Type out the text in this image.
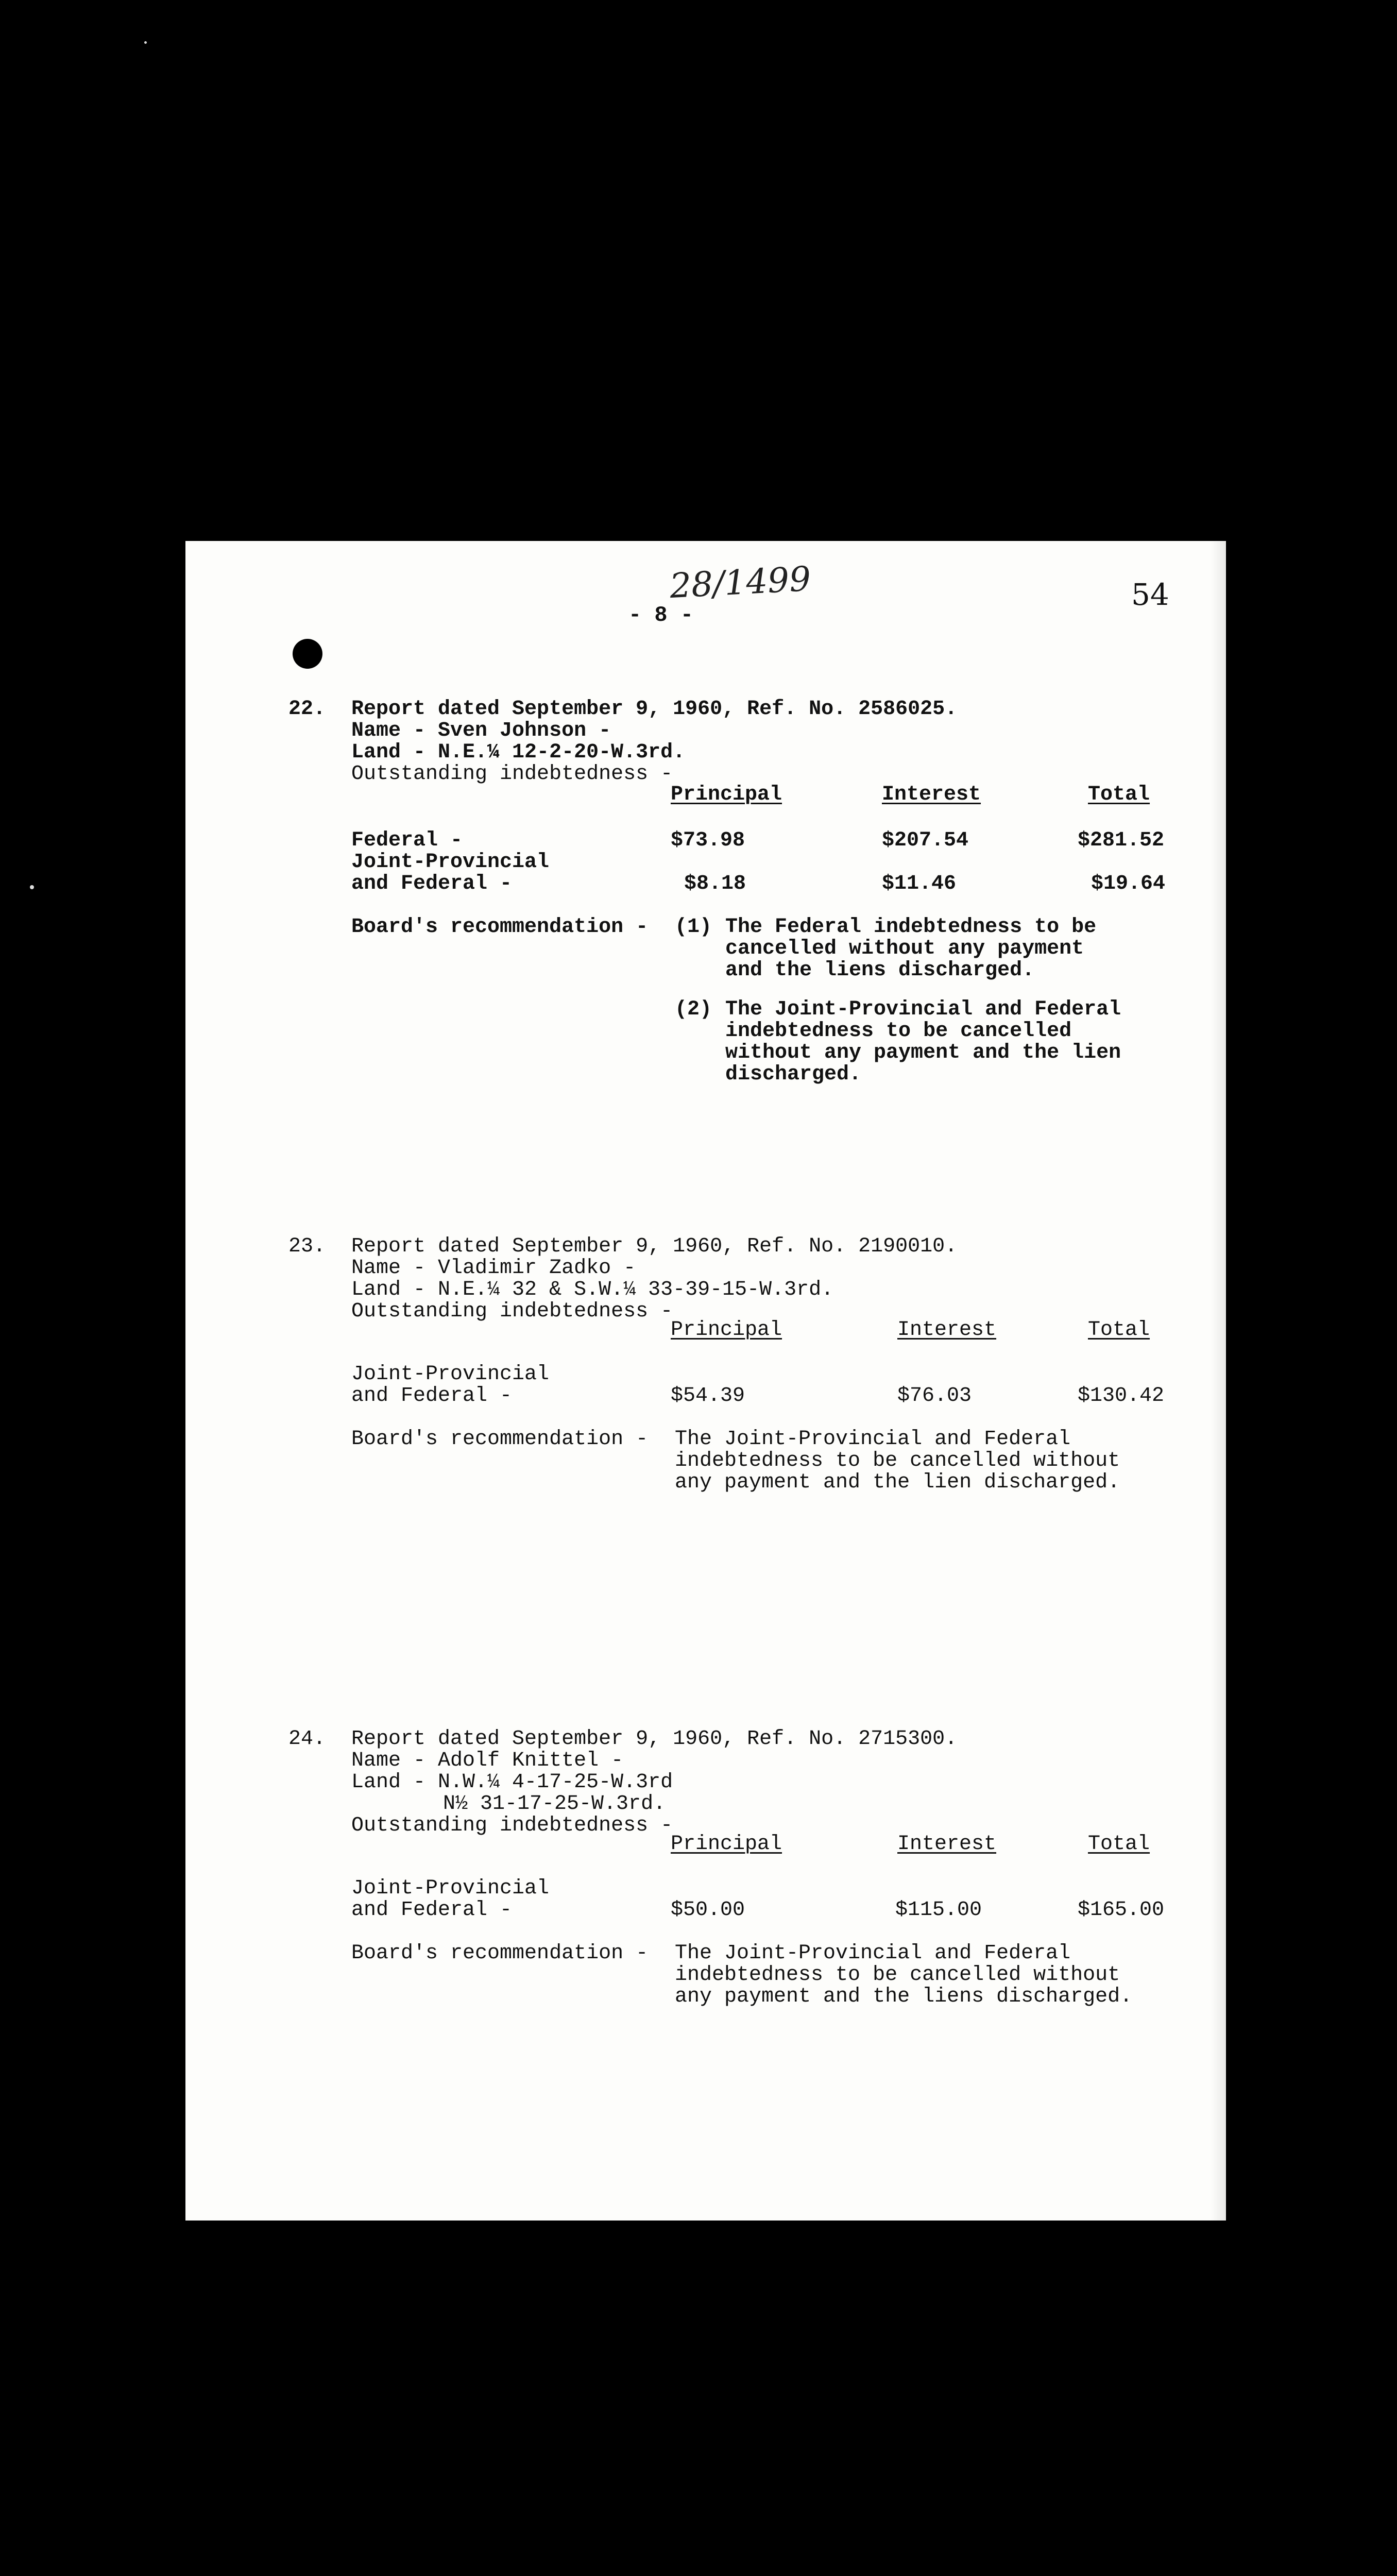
28/1499
- 8 -
54
22. Report dated September 9, 1960, Ref. No. 2586025.
Name - Sven Johnson -
Land - N.E.¼ 12-2-20-W.3rd.
Outstanding indebtedness -
Principal	Interest	Total
Federal -	$73.98	$207.54	$281.52
Joint-Provincial
and Federal -	$8.18	$11.46	$19.64
Board's recommendation - (1) The Federal indebtedness to be
cancelled without any payment
and the liens discharged.
(2) The Joint-Provincial and Federal
indebtedness to be cancelled
without any payment and the lien
discharged.
23. Report dated September 9, 1960, Ref. No. 2190010.
Name - Vladimir Zadko -
Land - N.E.¼ 32 & S.W.¼ 33-39-15-W.3rd.
Outstanding indebtedness -
Principal	Interest	Total
Joint-Provincial
and Federal -	$54.39	$76.03	$130.42
Board's recommendation - The Joint-Provincial and Federal
indebtedness to be cancelled without
any payment and the lien discharged.
24. Report dated September 9, 1960, Ref. No. 2715300.
Name - Adolf Knittel -
Land - N.W.¼ 4-17-25-W.3rd
N½ 31-17-25-W.3rd.
Outstanding indebtedness -
Principal	Interest	Total
Joint-Provincial
and Federal -	$50.00	$115.00	$165.00
Board's recommendation - The Joint-Provincial and Federal
indebtedness to be cancelled without
any payment and the liens discharged.
